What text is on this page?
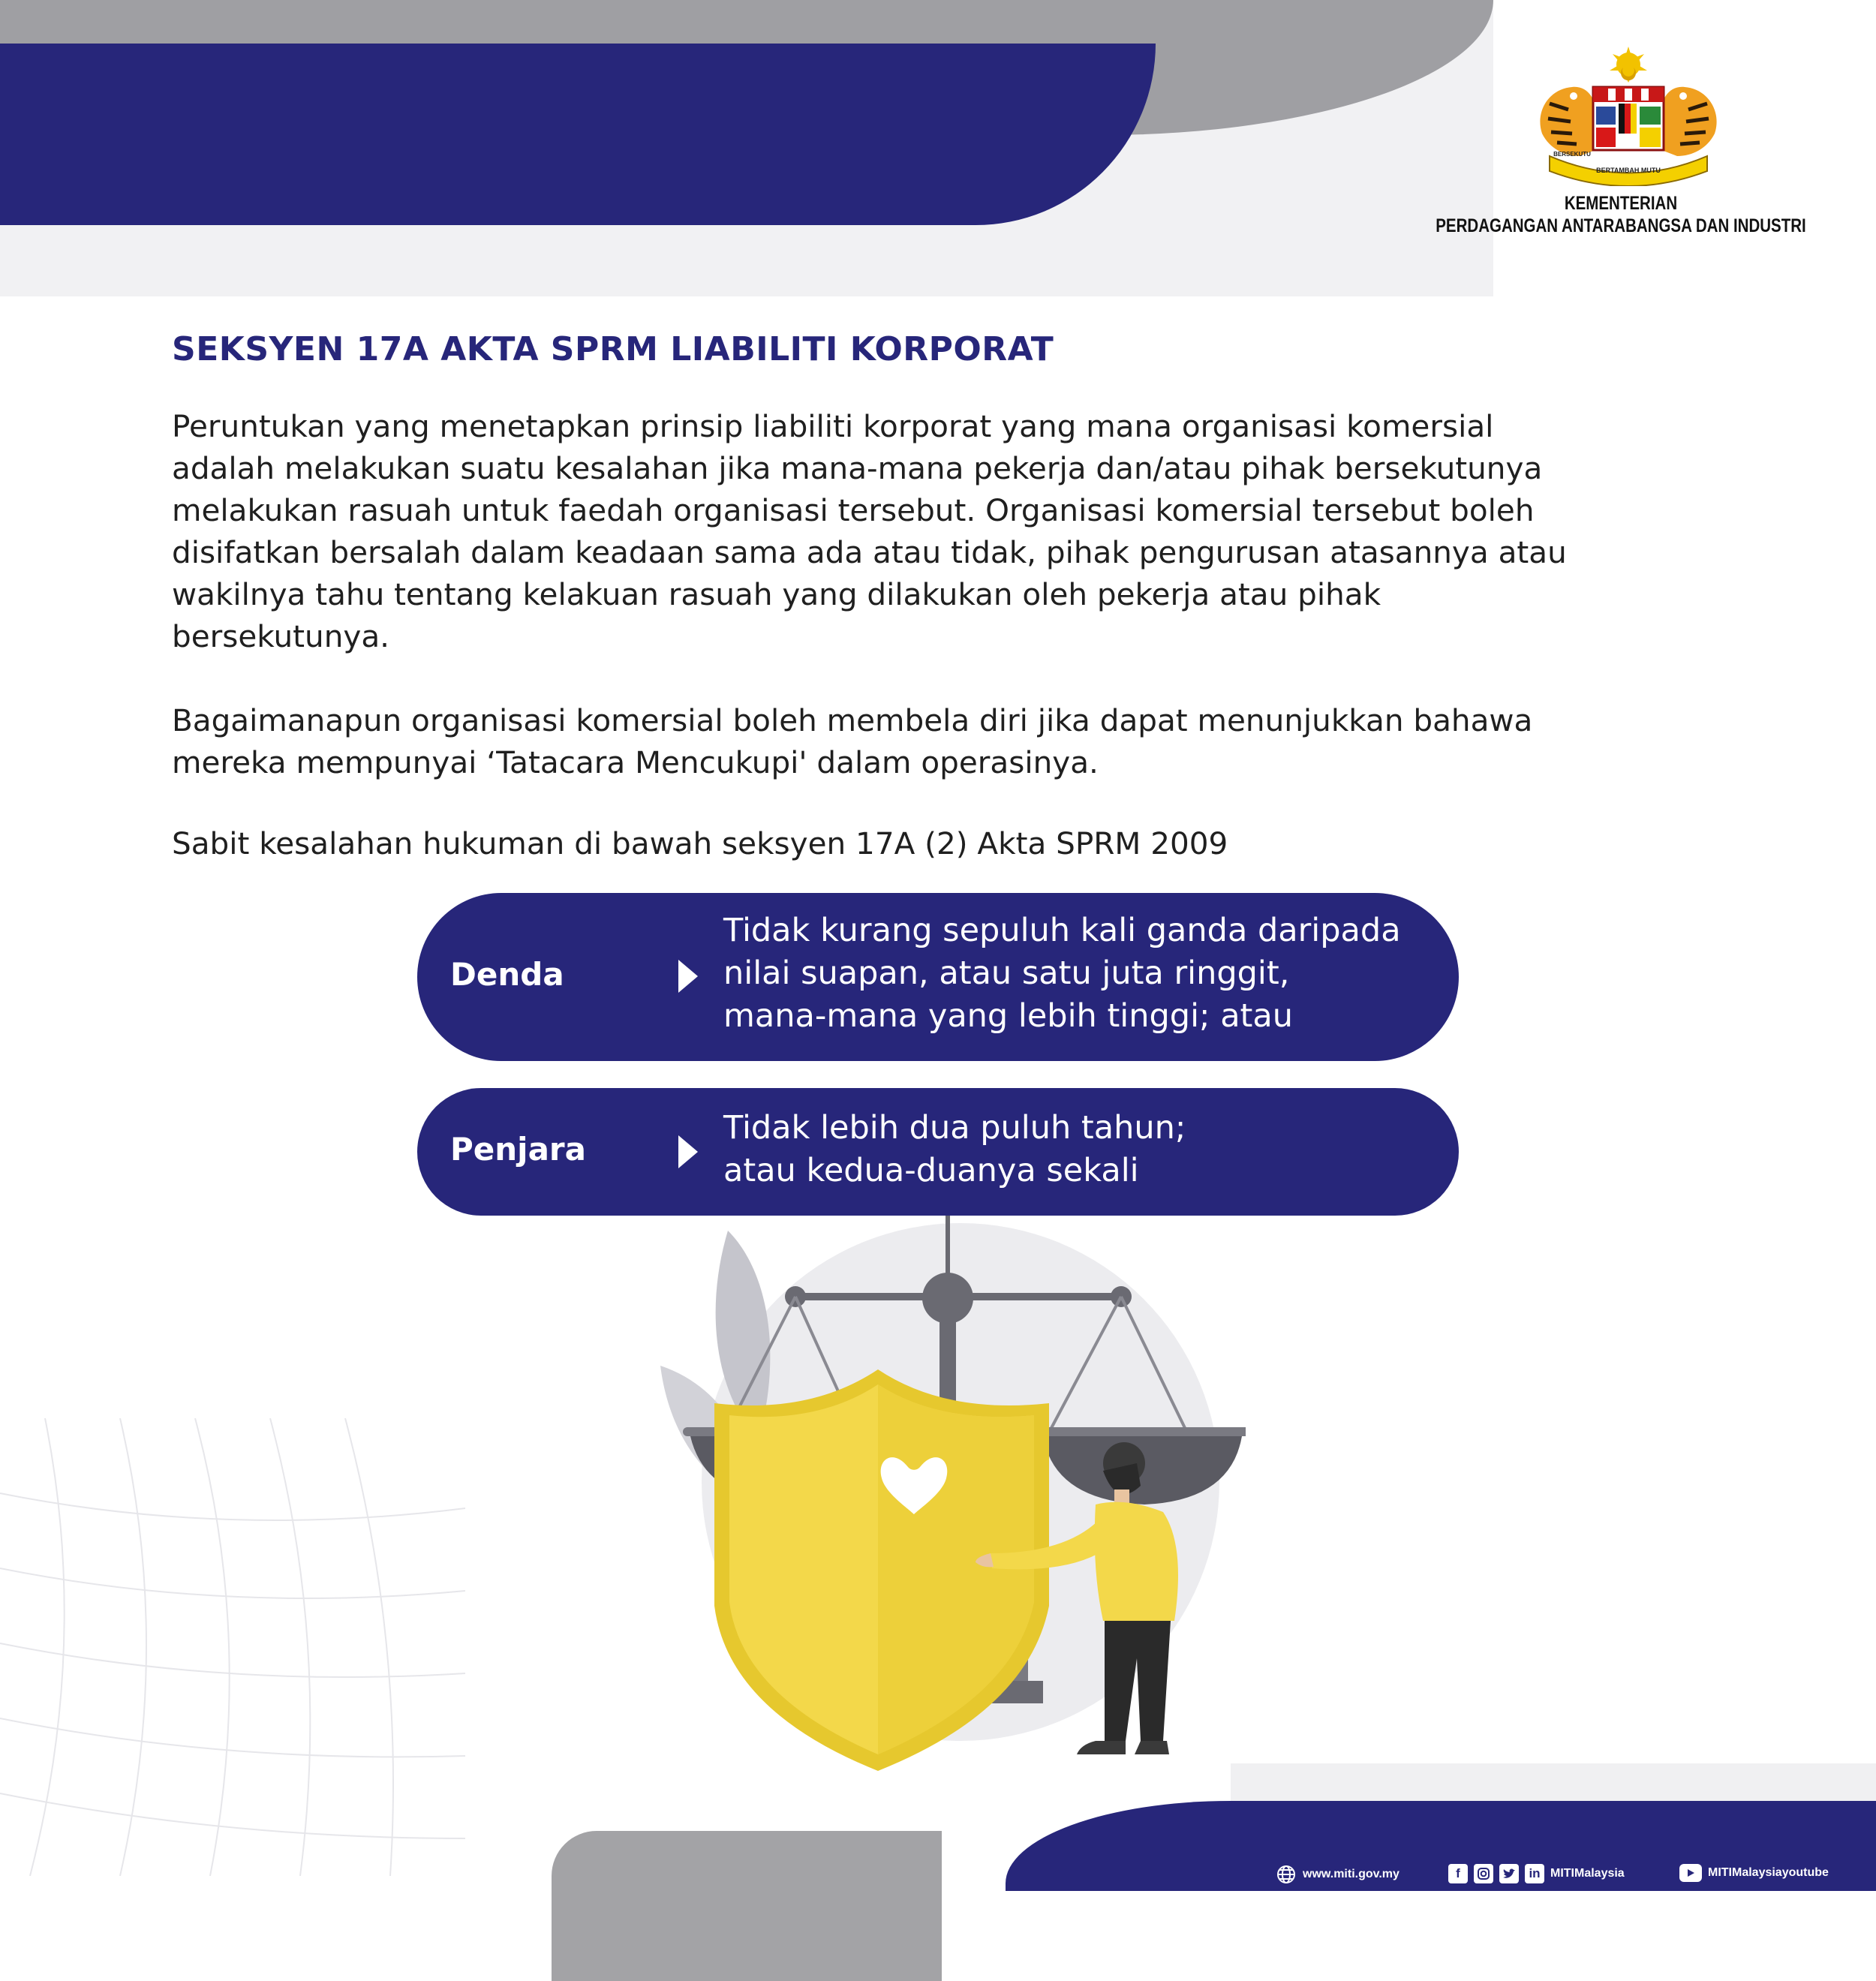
BERTAMBAH MUTU
BERSEKUTU
KEMENTERIAN
PERDAGANGAN ANTARABANGSA DAN INDUSTRI
SEKSYEN 17A AKTA SPRM LIABILITI KORPORAT
Peruntukan yang menetapkan prinsip liabiliti korporat yang mana organisasi komersial
adalah melakukan suatu kesalahan jika mana-mana pekerja dan/atau pihak bersekutunya
melakukan rasuah untuk faedah organisasi tersebut. Organisasi komersial tersebut boleh
disifatkan bersalah dalam keadaan sama ada atau tidak, pihak pengurusan atasannya atau
wakilnya tahu tentang kelakuan rasuah yang dilakukan oleh pekerja atau pihak
bersekutunya.
Bagaimanapun organisasi komersial boleh membela diri jika dapat menunjukkan bahawa
mereka mempunyai ‘Tatacara Mencukupi' dalam operasinya.
Sabit kesalahan hukuman di bawah seksyen 17A (2) Akta SPRM 2009
Denda
Tidak kurang sepuluh kali ganda daripada
nilai suapan, atau satu juta ringgit,
mana-mana yang lebih tinggi; atau
Penjara
Tidak lebih dua puluh tahun;
atau kedua-duanya sekali
www.miti.gov.my	f	in MITIMalaysia	MITIMalaysiayoutube
